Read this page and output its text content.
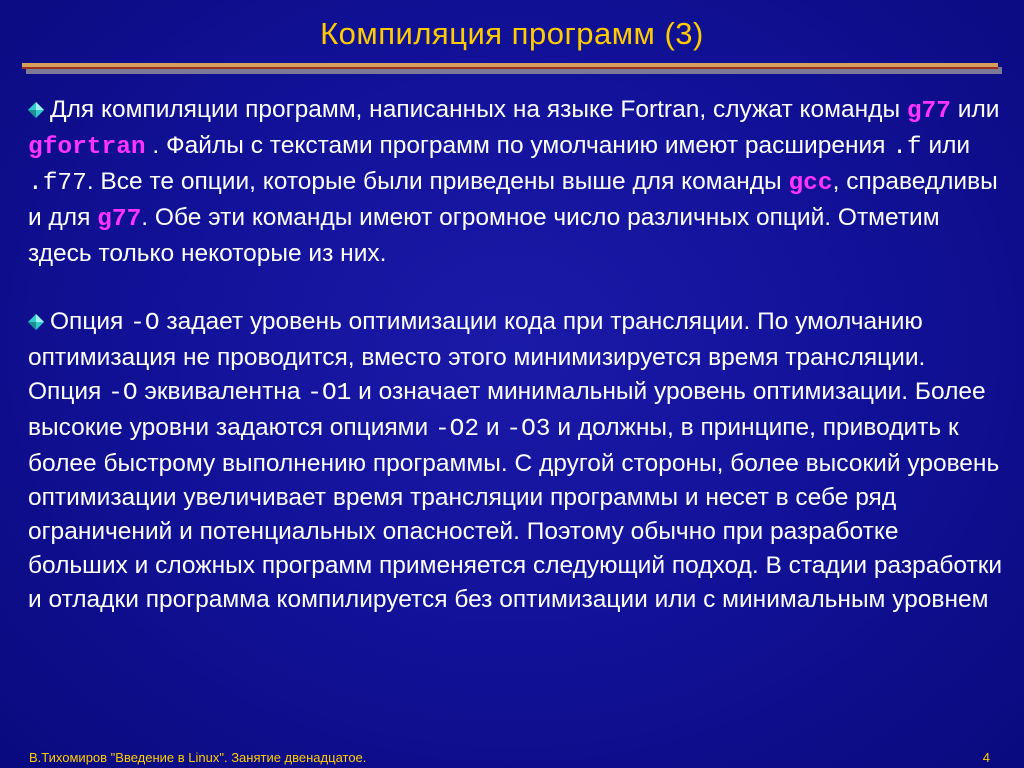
Компиляция программ (3)

Для компиляции программ, написанных на языке Fortran, служат команды g77 или gfortran . Файлы с текстами программ по умолчанию имеют расширения .f или .f77. Все те опции, которые были приведены выше для команды gcc, справедливы и для g77. Обе эти команды имеют огромное число различных опций. Отметим здесь только некоторые из них.

Опция -O задает уровень оптимизации кода при трансляции. По умолчанию оптимизация не проводится, вместо этого минимизируется время трансляции. Опция -O эквивалентна -O1 и означает минимальный уровень оптимизации. Более высокие уровни задаются опциями -O2 и -O3 и должны, в принципе, приводить к более быстрому выполнению программы. С другой стороны, более высокий уровень оптимизации увеличивает время трансляции программы и несет в себе ряд ограничений и потенциальных опасностей. Поэтому обычно при разработке больших и сложных программ применяется следующий подход. В стадии разработки и отладки программа компилируется без оптимизации или с минимальным уровнем

В.Тихомиров "Введение в Linux". Занятие двенадцатое.	4
